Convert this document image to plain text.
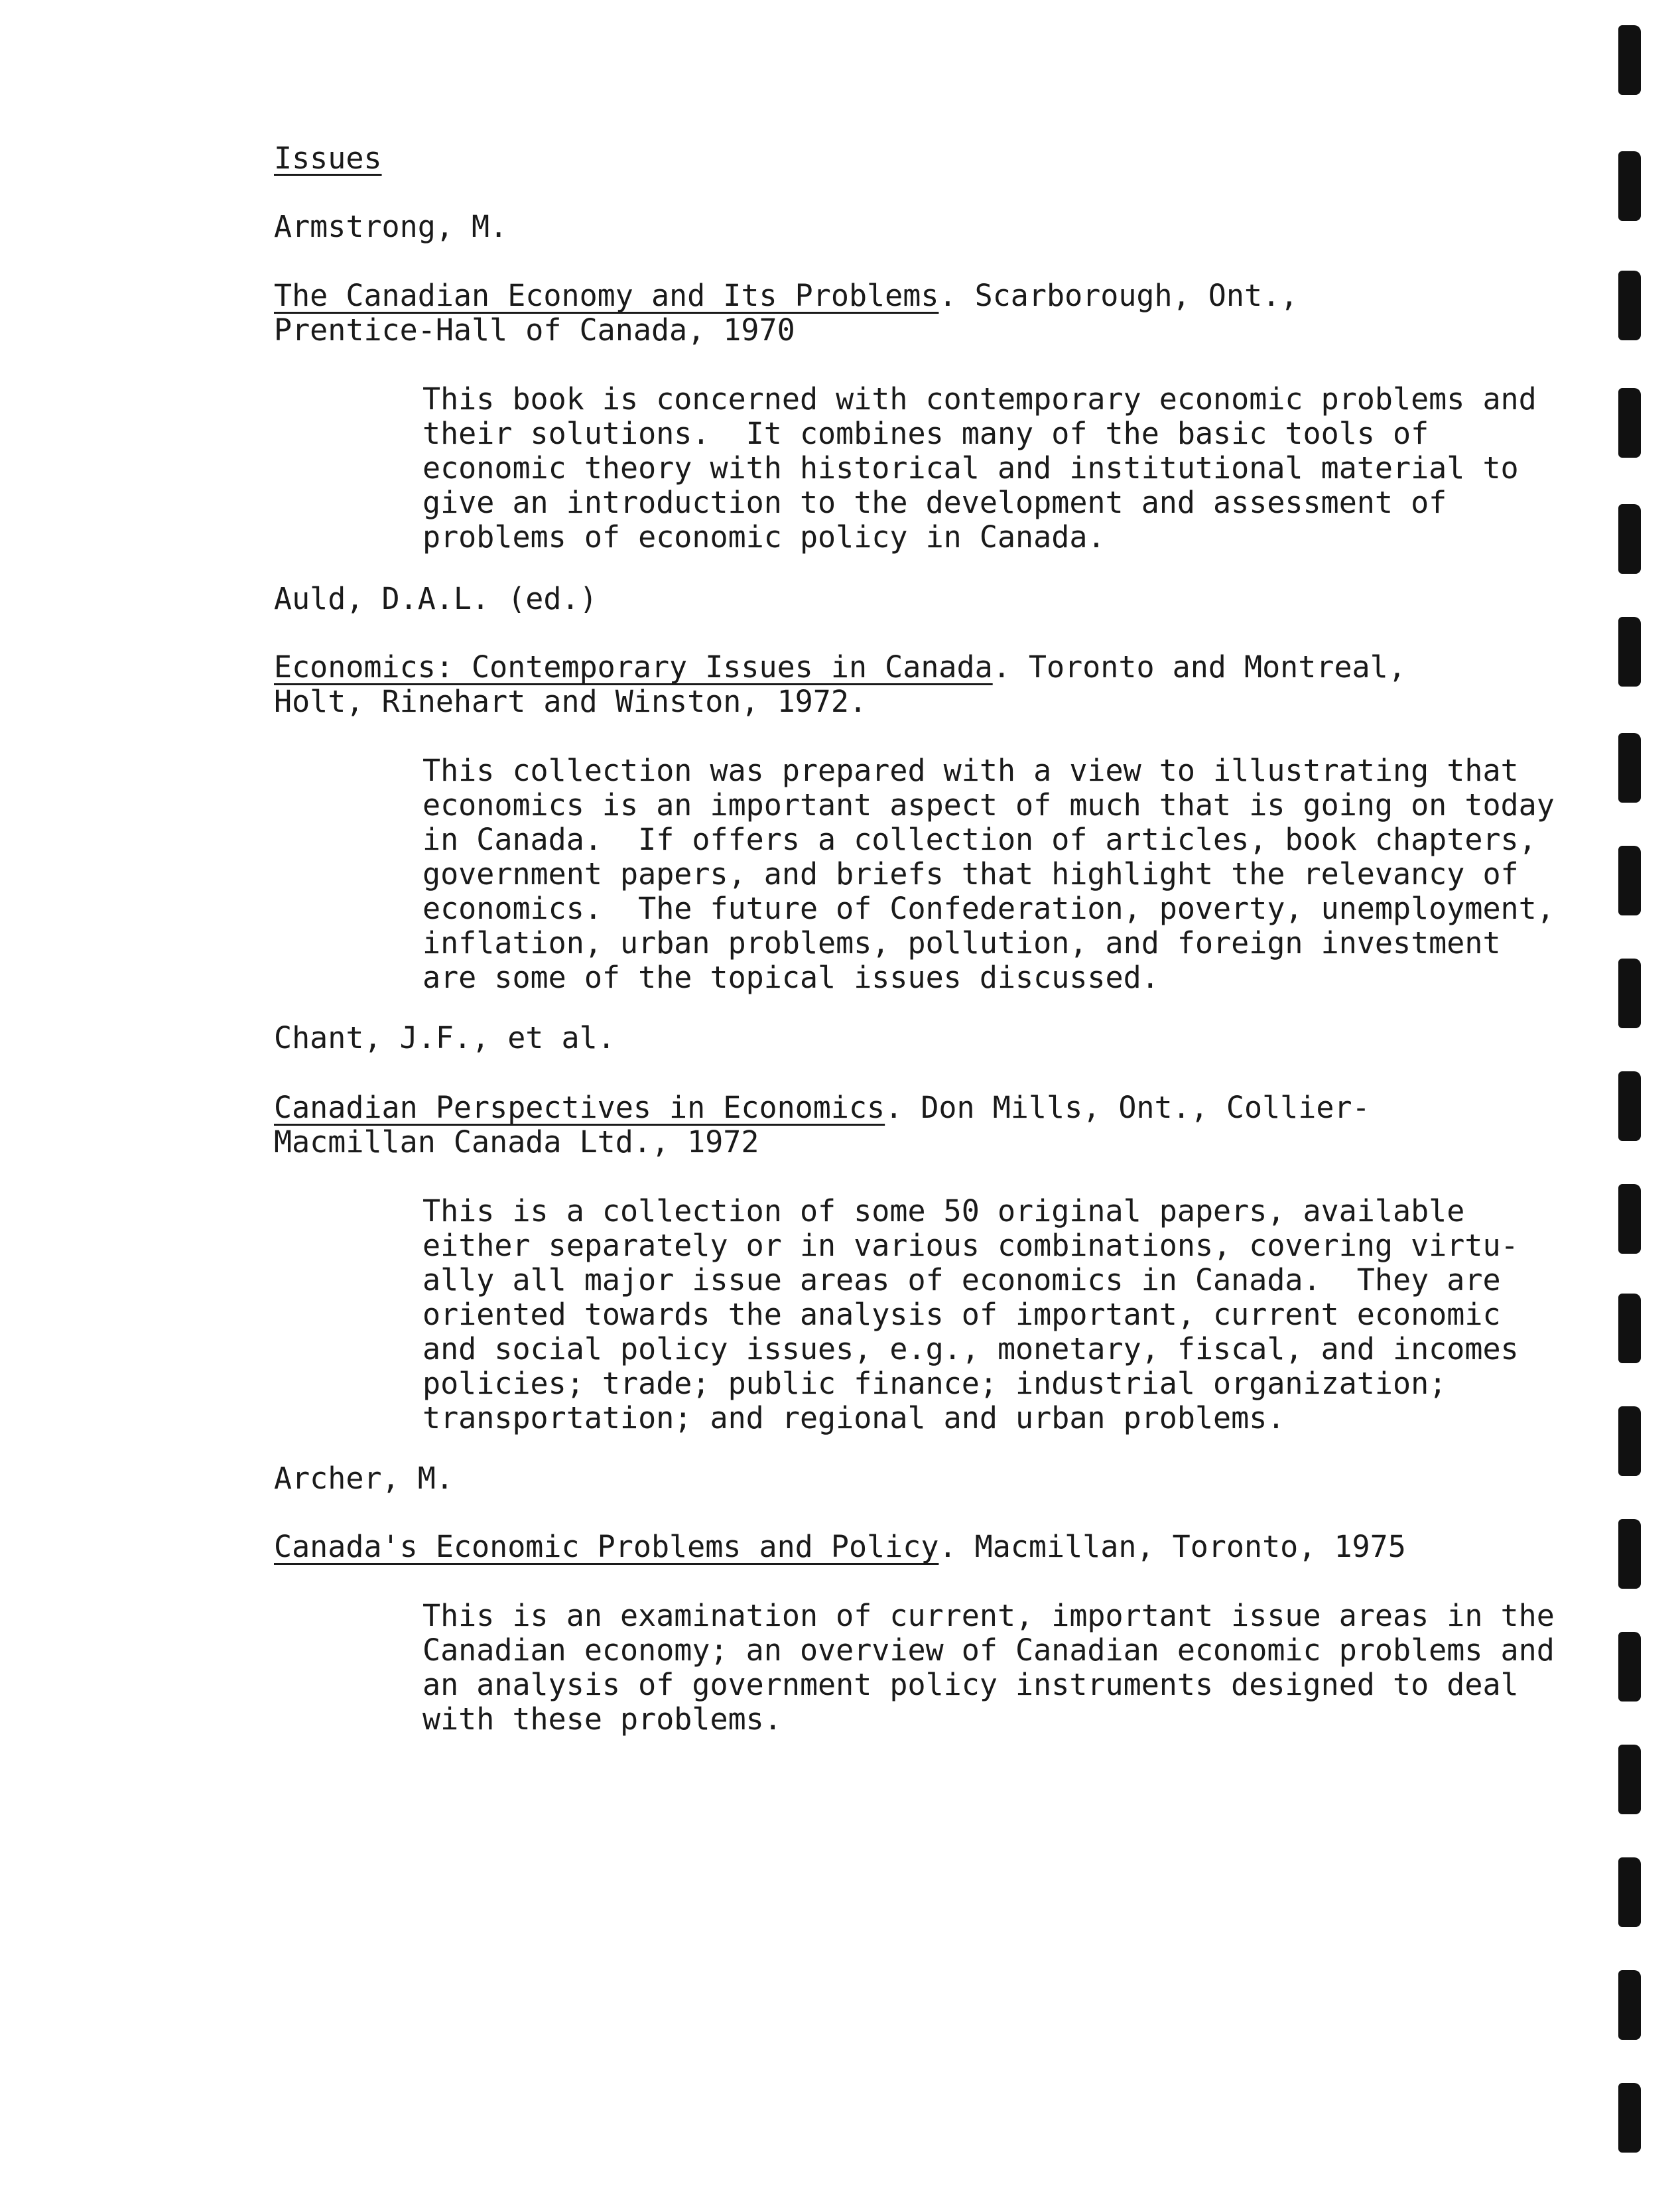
Issues
Armstrong, M.
The Canadian Economy and Its Problems. Scarborough, Ont., Prentice-Hall of Canada, 1970
This book is concerned with contemporary economic problems and
their solutions.  It combines many of the basic tools of
economic theory with historical and institutional material to
give an introduction to the development and assessment of
problems of economic policy in Canada.
Auld, D.A.L. (ed.)
Economics: Contemporary Issues in Canada. Toronto and Montreal, Holt, Rinehart and Winston, 1972.
This collection was prepared with a view to illustrating that
economics is an important aspect of much that is going on today
in Canada.  If offers a collection of articles, book chapters,
government papers, and briefs that highlight the relevancy of
economics.  The future of Confederation, poverty, unemployment,
inflation, urban problems, pollution, and foreign investment
are some of the topical issues discussed.
Chant, J.F., et al.
Canadian Perspectives in Economics. Don Mills, Ont., Collier-Macmillan Canada Ltd., 1972
This is a collection of some 50 original papers, available
either separately or in various combinations, covering virtu-
ally all major issue areas of economics in Canada.  They are
oriented towards the analysis of important, current economic
and social policy issues, e.g., monetary, fiscal, and incomes
policies; trade; public finance; industrial organization;
transportation; and regional and urban problems.
Archer, M.
Canada's Economic Problems and Policy. Macmillan, Toronto, 1975
This is an examination of current, important issue areas in the
Canadian economy; an overview of Canadian economic problems and
an analysis of government policy instruments designed to deal
with these problems.
